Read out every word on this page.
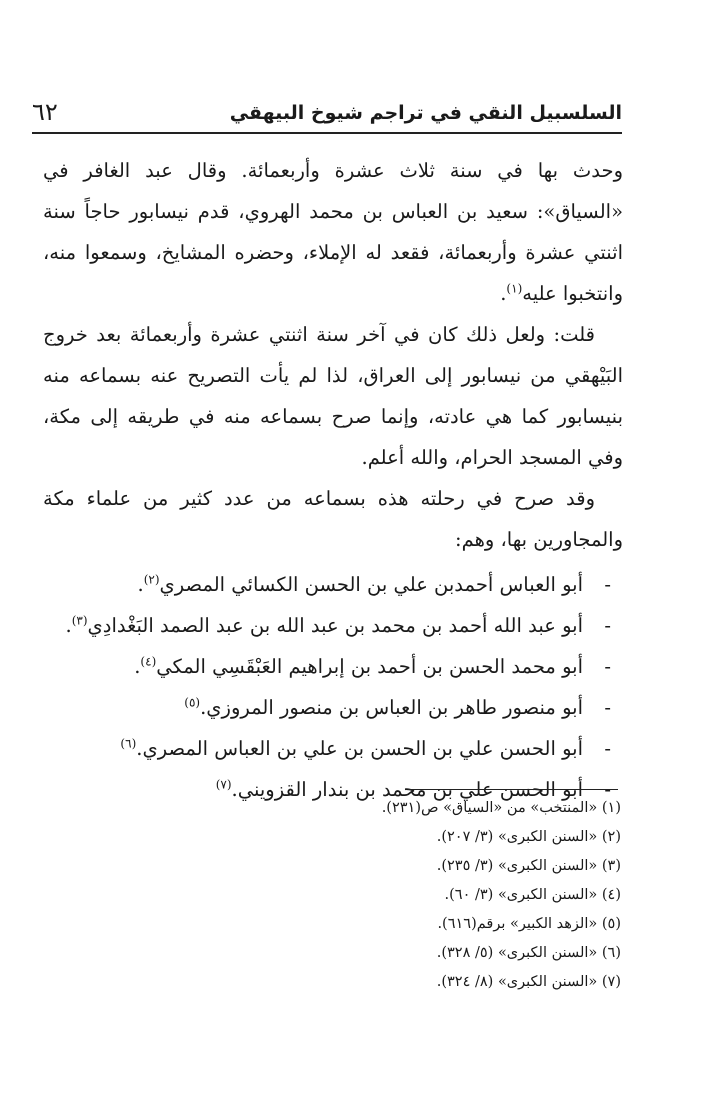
السلسبيل النقي في تراجم شيوخ البيهقي
٦٢

وحدث بها في سنة ثلاث عشرة وأربعمائة. وقال عبد الغافر في «السياق»: سعيد بن العباس بن محمد الهروي، قدم نيسابور حاجاً سنة اثنتي عشرة وأربعمائة، فقعد له الإملاء، وحضره المشايخ، وسمعوا منه، وانتخبوا عليه$^{(١)}$.

قلت: ولعل ذلك كان في آخر سنة اثنتي عشرة وأربعمائة بعد خروج البَيْهقي من نيسابور إلى العراق، لذا لم يأت التصريح عنه بسماعه منه بنيسابور كما هي عادته، وإنما صرح بسماعه منه في طريقه إلى مكة، وفي المسجد الحرام، والله أعلم.

وقد صرح في رحلته هذه بسماعه من عدد كثير من علماء مكة والمجاورين بها، وهم:

-
أبو العباس أحمدبن علي بن الحسن الكسائي المصري$^{(٢)}$.
-
أبو عبد الله أحمد بن محمد بن عبد الله بن عبد الصمد البَغْدادِي$^{(٣)}$.
-
أبو محمد الحسن بن أحمد بن إبراهيم العَبْقَسِي المكي$^{(٤)}$.
-
أبو منصور طاهر بن العباس بن منصور المروزي.$^{(٥)}$
-
أبو الحسن علي بن الحسن بن علي بن العباس المصري.$^{(٦)}$
-
أبو الحسن علي بن محمد بن بندار القزويني.$^{(٧)}$
(١) «المنتخب» من «السياق» ص(٢٣١).
(٢) «السنن الكبرى» (٣/ ٢٠٧).
(٣) «السنن الكبرى» (٣/ ٢٣٥).
(٤) «السنن الكبرى» (٣/ ٦٠).
(٥) «الزهد الكبير» برقم(٦١٦).
(٦) «السنن الكبرى» (٥/ ٣٢٨).
(٧) «السنن الكبرى» (٨/ ٣٢٤).
